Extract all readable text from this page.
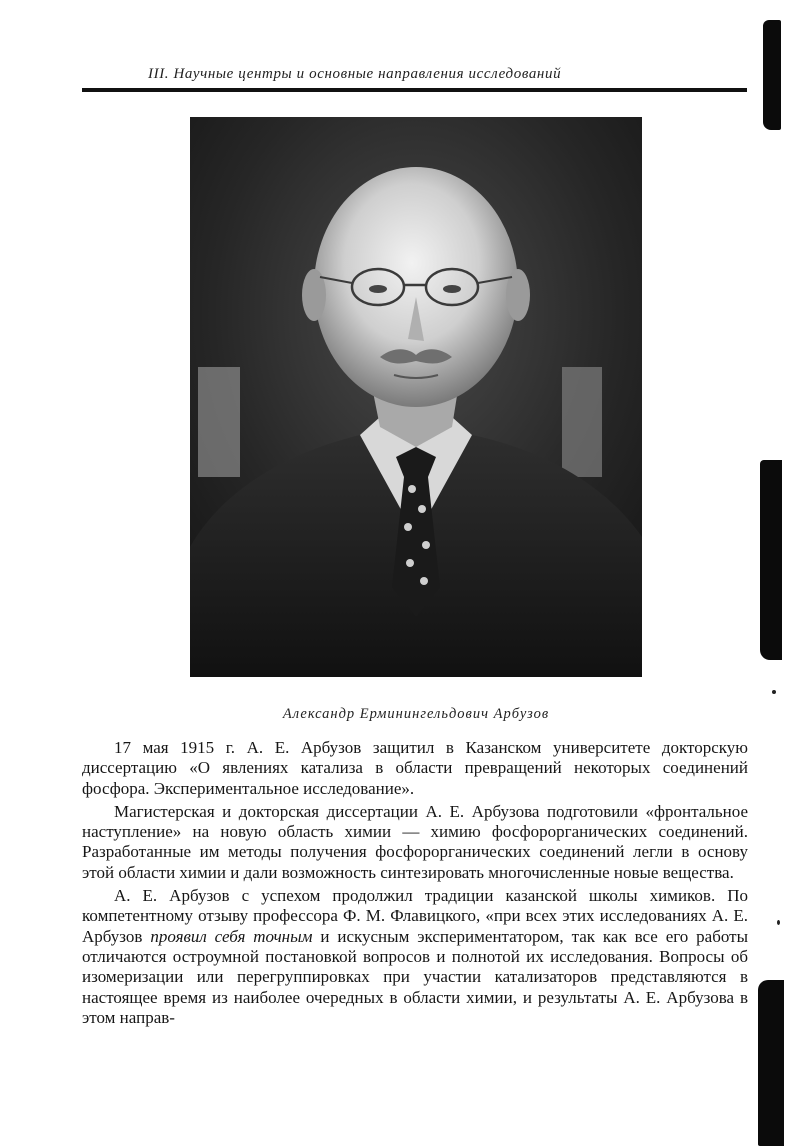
III. Научные центры и основные направления исследований
Александр Ерминингельдович Арбузов

17 мая 1915 г. А. Е. Арбузов защитил в Казанском университете докторскую диссертацию «О явлениях катализа в области превращений некоторых соединений фосфора. Экспериментальное исследование».

Магистерская и докторская диссертации А. Е. Арбузова подготовили «фронтальное наступление» на новую область химии — химию фосфорорганических соединений. Разработанные им методы получения фосфорорганических соединений легли в основу этой области химии и дали возможность синтезировать многочисленные новые вещества.

А. Е. Арбузов с успехом продолжил традиции казанской школы химиков. По компетентному отзыву профессора Ф. М. Флавицкого, «при всех этих исследованиях А. Е. Арбузов проявил себя точным и искусным экспериментатором, так как все его работы отличаются остроумной постановкой вопросов и полнотой их исследования. Вопросы об изомеризации или перегруппировках при участии катализаторов представляются в настоящее время из наиболее очередных в области химии, и результаты А. Е. Арбузова в этом направ-
